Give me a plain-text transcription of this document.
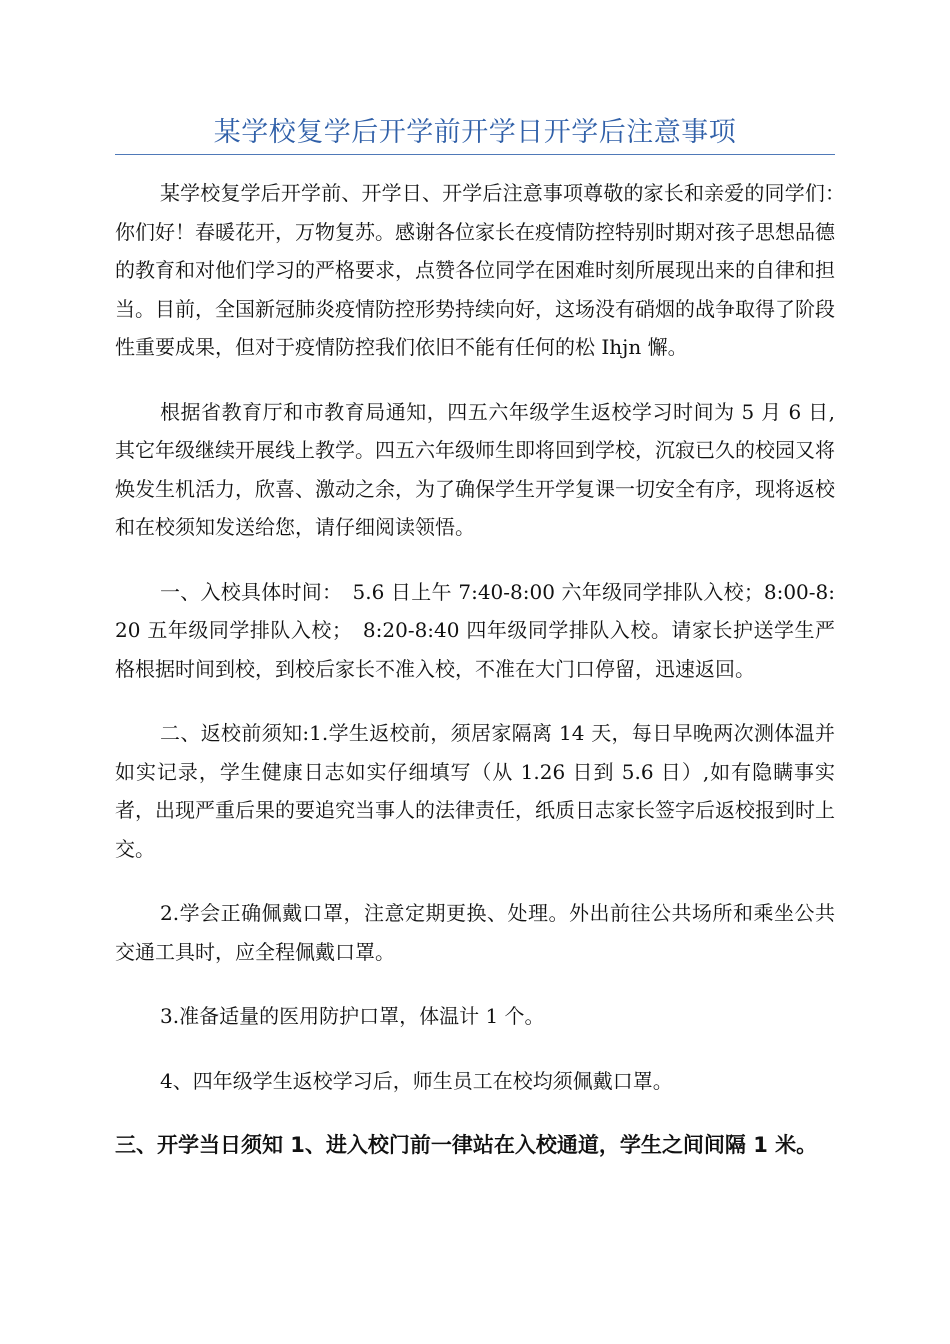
某学校复学后开学前开学日开学后注意事项

某学校复学后开学前、开学日、开学后注意事项尊敬的家长和亲爱的同学们：　你们好！春暖花开，万物复苏。感谢各位家长在疫情防控特别时期对孩子思想品德的教育和对他们学习的严格要求，点赞各位同学在困难时刻所展现出来的自律和担当。目前，全国新冠肺炎疫情防控形势持续向好，这场没有硝烟的战争取得了阶段性重要成果，但对于疫情防控我们依旧不能有任何的松 Ihjn 懈。

根据省教育厅和市教育局通知，四五六年级学生返校学习时间为 5 月 6 日,其它年级继续开展线上教学。四五六年级师生即将回到学校，沉寂已久的校园又将焕发生机活力，欣喜、激动之余，为了确保学生开学复课一切安全有序，现将返校和在校须知发送给您，请仔细阅读领悟。

一、入校具体时间：　5.6 日上午 7:40-8:00 六年级同学排队入校；8:00-8:20 五年级同学排队入校；　8:20-8:40 四年级同学排队入校。请家长护送学生严格根据时间到校，到校后家长不准入校，不准在大门口停留，迅速返回。

二、返校前须知:1.学生返校前，须居家隔离 14 天，每日早晚两次测体温并如实记录，学生健康日志如实仔细填写（从 1.26 日到 5.6 日）,如有隐瞒事实者，出现严重后果的要追究当事人的法律责任，纸质日志家长签字后返校报到时上交。

2.学会正确佩戴口罩，注意定期更换、处理。外出前往公共场所和乘坐公共交通工具时，应全程佩戴口罩。

3.准备适量的医用防护口罩，体温计 1 个。

4、四年级学生返校学习后，师生员工在校均须佩戴口罩。

三、开学当日须知 1、进入校门前一律站在入校通道，学生之间间隔 1 米。
